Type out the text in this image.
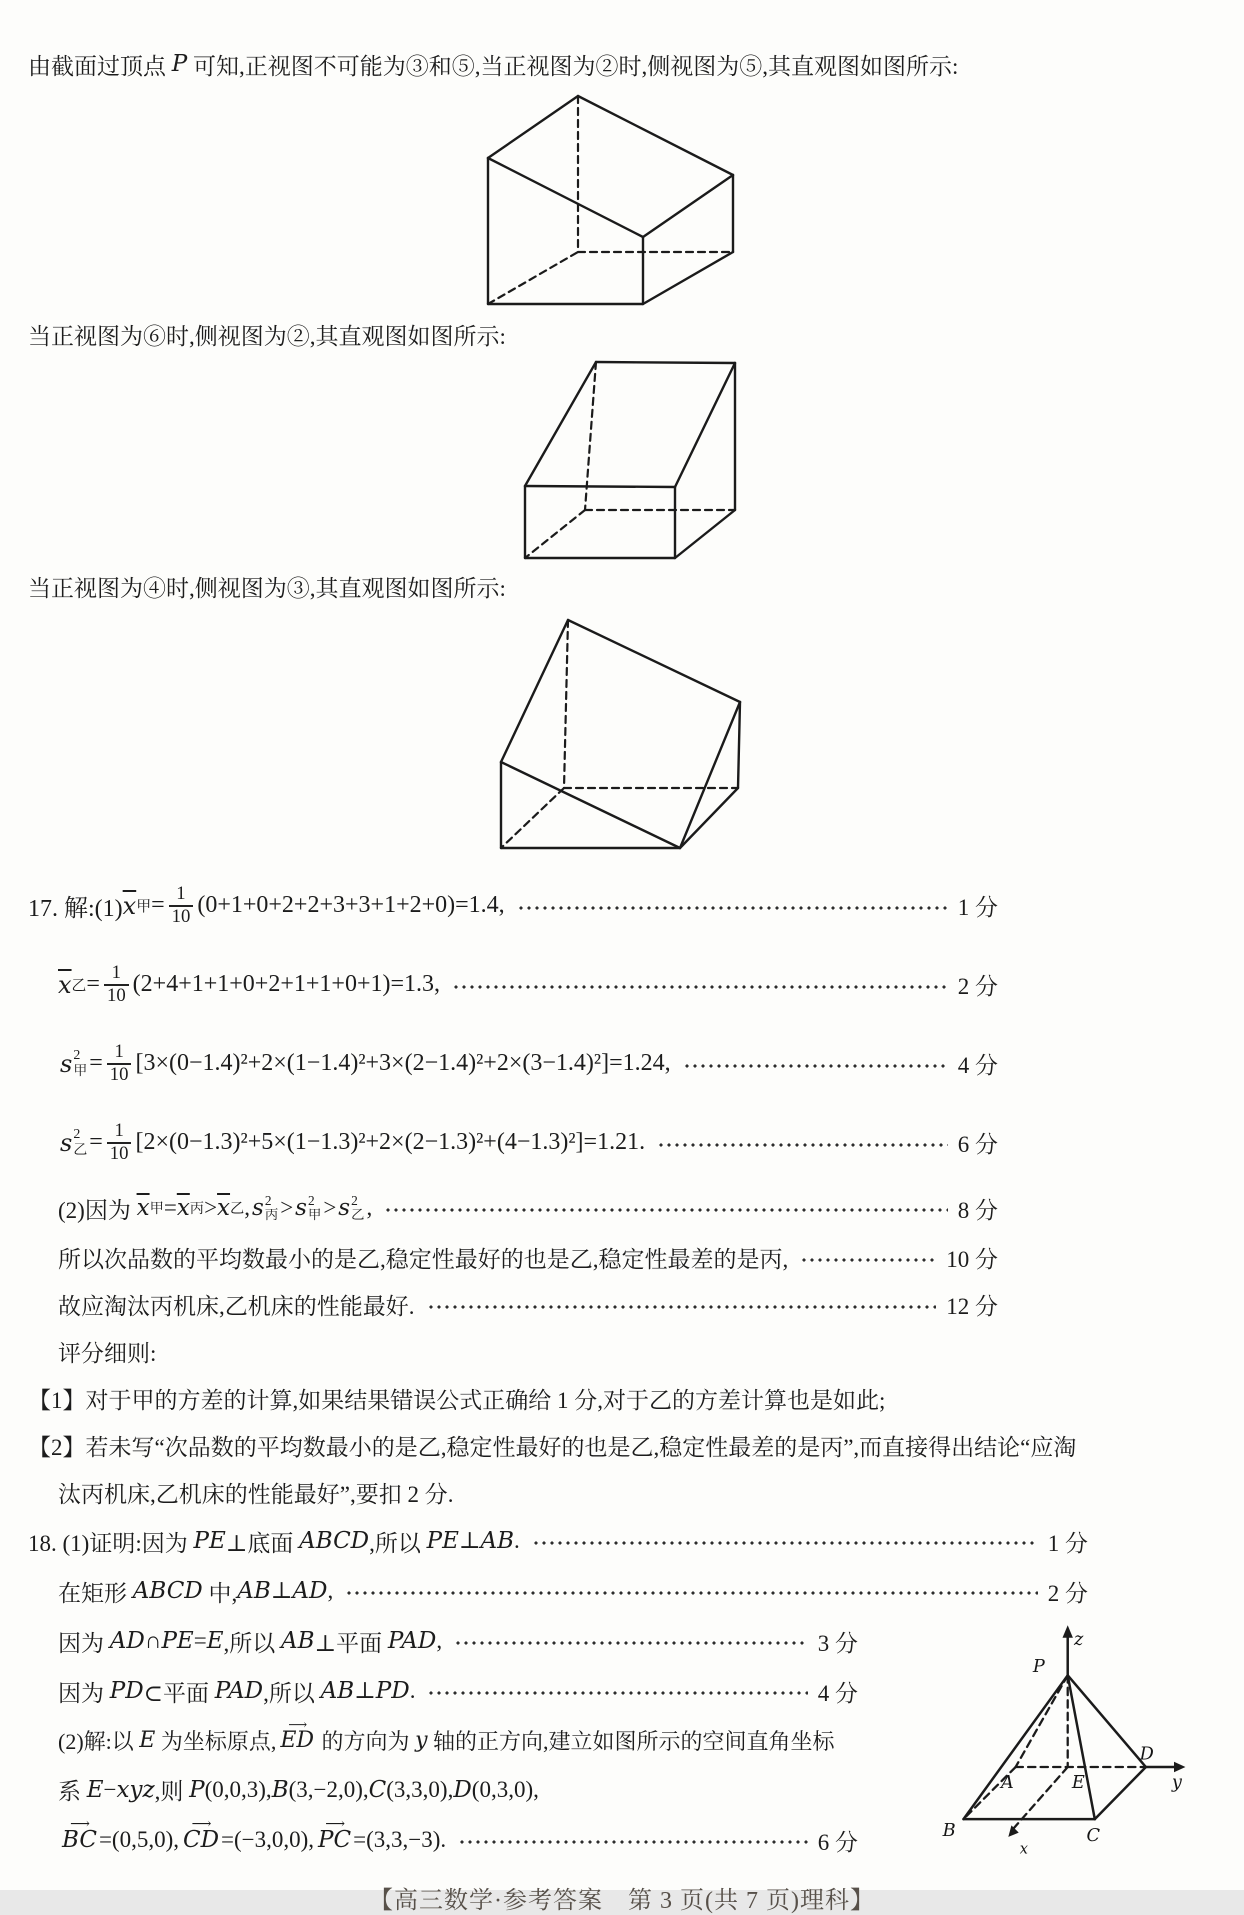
由截面过顶点 P 可知,正视图不可能为③和⑤,当正视图为②时,侧视图为⑤,其直观图如图所示:
当正视图为⑥时,侧视图为②,其直观图如图所示:
当正视图为④时,侧视图为③,其直观图如图所示:
17. 解:(1) $\overline{x}$ 甲 = $\frac{1}{10} (0+1+0+2+2+3+3+1+2+0)=1.4$,	1 分
$\overline{x}$ 乙 = $\frac{1}{10} (2+4+1+1+0+2+1+1+0+1)=1.3$,	2 分
s 2
甲 = $\frac{1}{10} [3\times(0-1.4)^2+2\times(1-1.4)^2+3\times(2-1.4)^2+2\times(3-1.4)^2]=1.24$,	4 分
s 2
乙 = $\frac{1}{10} [2\times(0-1.3)^2+5\times(1-1.3)^2+2\times(2-1.3)^2+(4-1.3)^2]=1.21$.	6 分
(2)因为 $\overline{x}$ 甲 = $\overline{x}$ 丙 > $\overline{x}$ 乙 , s 2
丙 > s 2
甲 > s 2
乙 ,	8 分
所以次品数的平均数最小的是乙,稳定性最好的也是乙,稳定性最差的是丙,	10 分
故应淘汰丙机床,乙机床的性能最好.	12 分
评分细则:
【1】对于甲的方差的计算,如果结果错误公式正确给 1 分,对于乙的方差计算也是如此;
【2】若未写“次品数的平均数最小的是乙,稳定性最好的也是乙,稳定性最差的是丙”,而直接得出结论“应淘
汰丙机床,乙机床的性能最好”,要扣 2 分.
18. (1)证明:因为 PE ⊥底面 ABCD ,所以 PE ⊥ AB .	1 分
在矩形 ABCD 中, AB ⊥ AD ,	2 分
P
z
A	E
D
y
B	C
x
因为 AD ∩ PE = E ,所以 AB ⊥平面 PAD ,	3 分
因为 PD ⊂平面 PAD ,所以 AB ⊥ PD .	4 分
(2)解:以 E 为坐标原点, ⟶ ED 的方向为 y 轴的正方向,建立如图所示的空间直角坐标
系 E − xyz ,则 P (0,0,3), B (3,−2,0), C (3,3,0), D (0,3,0),
⟶ BC =(0,5,0), ⟶ CD =(−3,0,0), ⟶ PC =(3,3,−3).	6 分
【高三数学·参考答案　第 3 页(共 7 页)理科】
